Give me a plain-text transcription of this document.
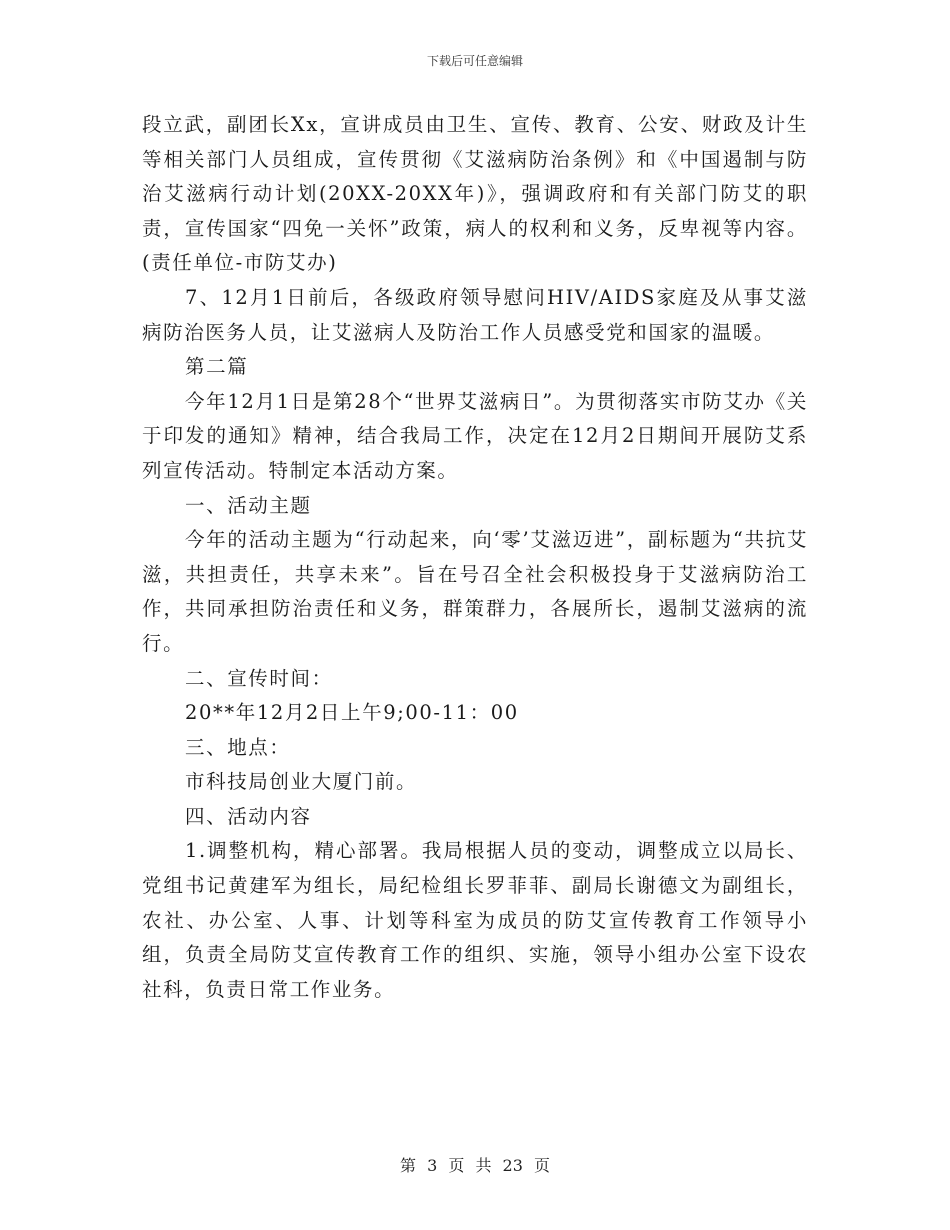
下载后可任意编辑

段立武，副团长Xx，宣讲成员由卫生、宣传、教育、公安、财政及计生等相关部门人员组成，宣传贯彻《艾滋病防治条例》和《中国遏制与防治艾滋病行动计划(20XX-20XX年)》，强调政府和有关部门防艾的职责，宣传国家“四免一关怀”政策，病人的权利和义务，反卑视等内容。(责任单位-市防艾办)

7、12月1日前后，各级政府领导慰问HIV/AIDS家庭及从事艾滋病防治医务人员，让艾滋病人及防治工作人员感受党和国家的温暖。

第二篇

今年12月1日是第28个“世界艾滋病日”。为贯彻落实市防艾办《关于印发的通知》精神，结合我局工作，决定在12月2日期间开展防艾系列宣传活动。特制定本活动方案。

一、活动主题

今年的活动主题为“行动起来，向‘零’艾滋迈进”，副标题为“共抗艾滋，共担责任，共享未来”。旨在号召全社会积极投身于艾滋病防治工作，共同承担防治责任和义务，群策群力，各展所长，遏制艾滋病的流行。

二、宣传时间：

20**年12月2日上午9;00-11：00

三、地点：

市科技局创业大厦门前。

四、活动内容

1.调整机构，精心部署。我局根据人员的变动，调整成立以局长、党组书记黄建军为组长，局纪检组长罗菲菲、副局长谢德文为副组长，农社、办公室、人事、计划等科室为成员的防艾宣传教育工作领导小组，负责全局防艾宣传教育工作的组织、实施，领导小组办公室下设农社科，负责日常工作业务。

第 3 页 共 23 页
